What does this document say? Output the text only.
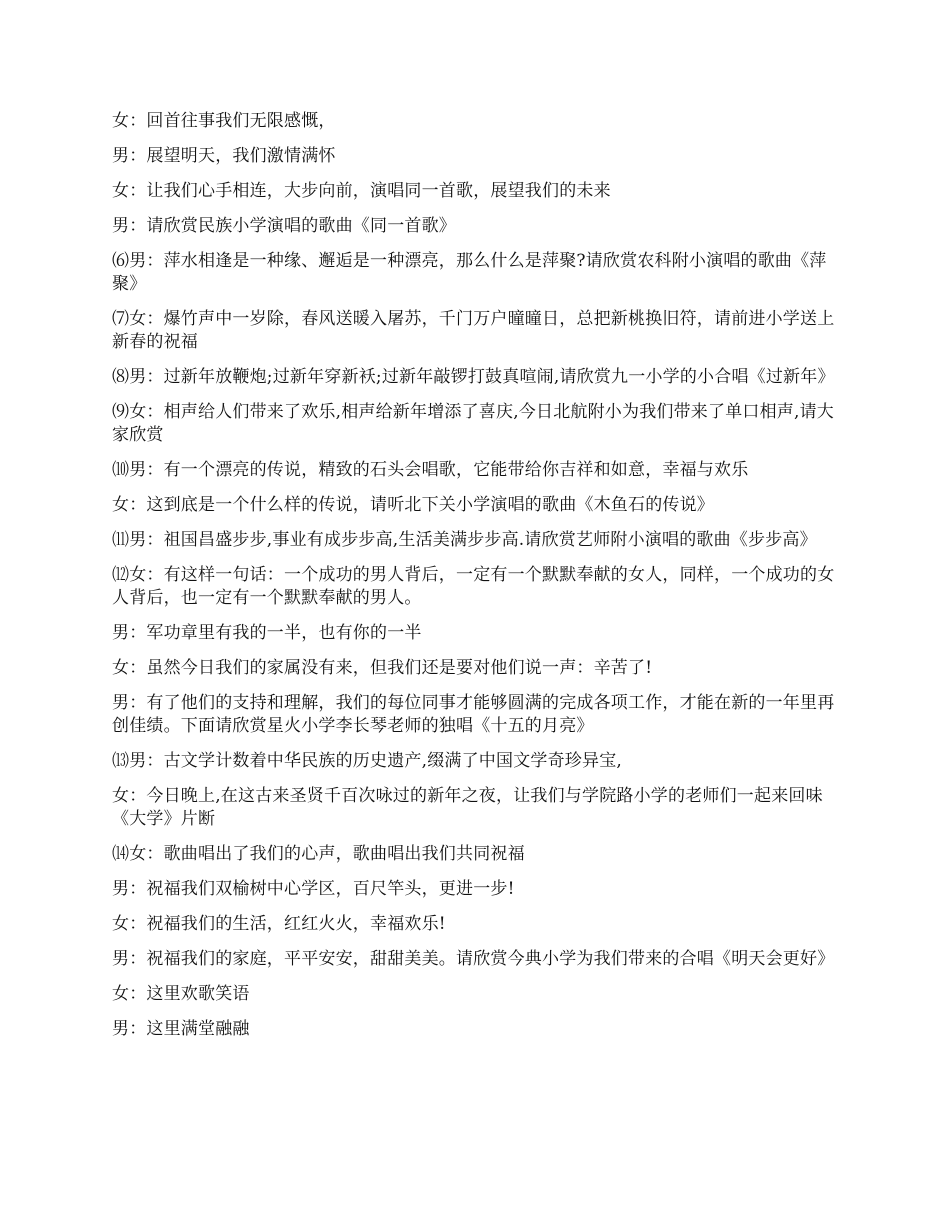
女：回首往事我们无限感慨，

男：展望明天，我们激情满怀

女：让我们心手相连，大步向前，演唱同一首歌，展望我们的未来

男：请欣赏民族小学演唱的歌曲《同一首歌》

⑹男：萍水相逢是一种缘、邂逅是一种漂亮，那么什么是萍聚?请欣赏农科附小演唱的歌曲《萍聚》

⑺女：爆竹声中一岁除，春风送暖入屠苏，千门万户曈曈日，总把新桃换旧符，请前进小学送上新春的祝福

⑻男：过新年放鞭炮;过新年穿新袄;过新年敲锣打鼓真喧闹,请欣赏九一小学的小合唱《过新年》

⑼女：相声给人们带来了欢乐,相声给新年增添了喜庆,今日北航附小为我们带来了单口相声,请大家欣赏

⑽男：有一个漂亮的传说，精致的石头会唱歌，它能带给你吉祥和如意，幸福与欢乐

女：这到底是一个什么样的传说，请听北下关小学演唱的歌曲《木鱼石的传说》

⑾男：祖国昌盛步步,事业有成步步高,生活美满步步高.请欣赏艺师附小演唱的歌曲《步步高》

⑿女：有这样一句话：一个成功的男人背后，一定有一个默默奉献的女人，同样，一个成功的女人背后，也一定有一个默默奉献的男人。

男：军功章里有我的一半，也有你的一半

女：虽然今日我们的家属没有来，但我们还是要对他们说一声：辛苦了!

男：有了他们的支持和理解，我们的每位同事才能够圆满的完成各项工作，才能在新的一年里再创佳绩。下面请欣赏星火小学李长琴老师的独唱《十五的月亮》

⒀男：古文学计数着中华民族的历史遗产,缀满了中国文学奇珍异宝,

女：今日晚上,在这古来圣贤千百次咏过的新年之夜，让我们与学院路小学的老师们一起来回味《大学》片断

⒁女：歌曲唱出了我们的心声，歌曲唱出我们共同祝福

男：祝福我们双榆树中心学区，百尺竿头，更进一步!

女：祝福我们的生活，红红火火，幸福欢乐!

男：祝福我们的家庭，平平安安，甜甜美美。请欣赏今典小学为我们带来的合唱《明天会更好》

女：这里欢歌笑语

男：这里满堂融融
